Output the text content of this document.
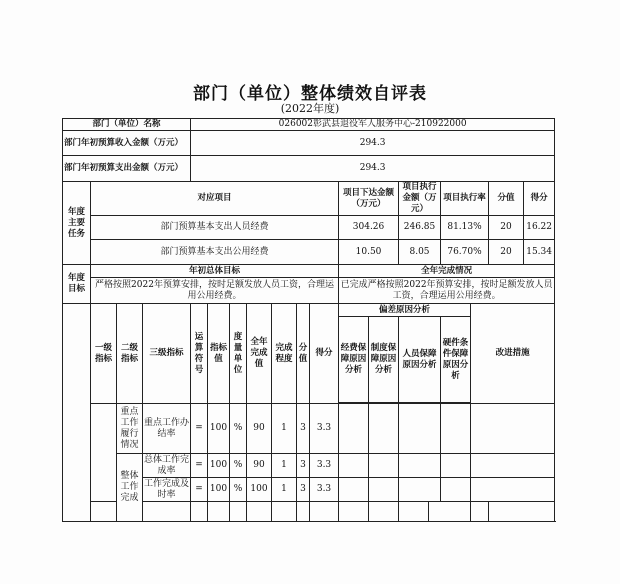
部门（单位）整体绩效自评表
(2022年度)
部门（单位）名称				026002彰武县退役军人服务中心-210922000														
部门年初预算收入金额（万元）				294.3														
部门年初预算支出金额（万元）				294.3														
年度主要任务	对应项目										项目下达金额（万元）		项目执行金额（万元）		项目执行率		分值	得分
	部门预算基本支出人员经费										304.26		246.85		81.13%		20	16.22
	部门预算基本支出公用经费										10.50		8.05		76.70%		20	15.34
年度目标	年初总体目标										全年完成情况							
	严格按照2022年预算安排，按时足额发放人员工资，合理运用公用经费。										已完成严格按照2022年预算安排，按时足额发放人员工资，合理运用公用经费。							
	一级指标	二级指标	三级指标	运算符号	指标值	度量单位	全年完成值	完成程度	分值	得分	偏差原因分析					改进措施		
											经费保障原因分析	制度保障原因分析	人员保障原因分析		硬件条件保障原因分析			

		重点工作履行情况	重点工作办结率	=	100	%	90	1	3	3.3								
		整体工作完成	总体工作完成率	=	100	%	90	1	3	3.3								
			工作完成及时率	=	100	%	100	1	3	3.3								
